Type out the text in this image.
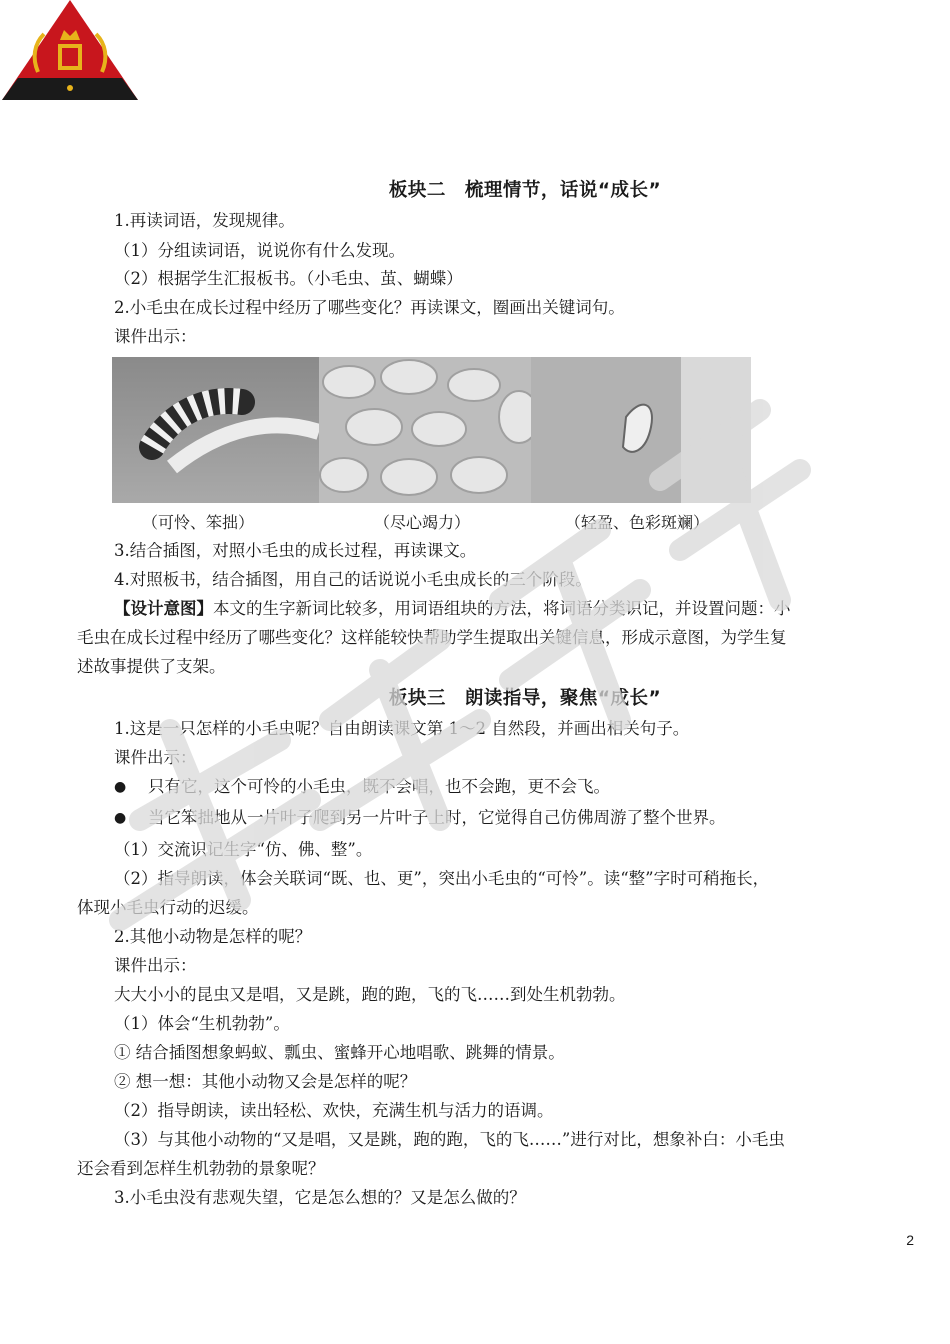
板块二　梳理情节，话说“成长”
1.再读词语，发现规律。
（1）分组读词语，说说你有什么发现。
（2）根据学生汇报板书。（小毛虫、茧、蝴蝶）
2.小毛虫在成长过程中经历了哪些变化？再读课文，圈画出关键词句。
课件出示：
（可怜、笨拙）	（尽心竭力）	（轻盈、色彩斑斓）
3.结合插图，对照小毛虫的成长过程，再读课文。
4.对照板书，结合插图，用自己的话说说小毛虫成长的三个阶段。
【设计意图】本文的生字新词比较多，用词语组块的方法，将词语分类识记，并设置问题：小
毛虫在成长过程中经历了哪些变化？这样能较快帮助学生提取出关键信息，形成示意图，为学生复
述故事提供了支架。
板块三　朗读指导，聚焦“成长”
1.这是一只怎样的小毛虫呢？自由朗读课文第 1～2 自然段，并画出相关句子。
课件出示：
● 只有它，这个可怜的小毛虫，既不会唱，也不会跑，更不会飞。
● 当它笨拙地从一片叶子爬到另一片叶子上时，它觉得自己仿佛周游了整个世界。
（1）交流识记生字“仿、佛、整”。
（2）指导朗读，体会关联词“既、也、更”，突出小毛虫的“可怜”。读“整”字时可稍拖长，
体现小毛虫行动的迟缓。
2.其他小动物是怎样的呢？
课件出示：
大大小小的昆虫又是唱，又是跳，跑的跑，飞的飞……到处生机勃勃。
（1）体会“生机勃勃”。
① 结合插图想象蚂蚁、瓢虫、蜜蜂开心地唱歌、跳舞的情景。
② 想一想：其他小动物又会是怎样的呢？
（2）指导朗读，读出轻松、欢快，充满生机与活力的语调。
（3）与其他小动物的“又是唱，又是跳，跑的跑，飞的飞……”进行对比，想象补白：小毛虫
还会看到怎样生机勃勃的景象呢？
3.小毛虫没有悲观失望，它是怎么想的？又是怎么做的？
2
